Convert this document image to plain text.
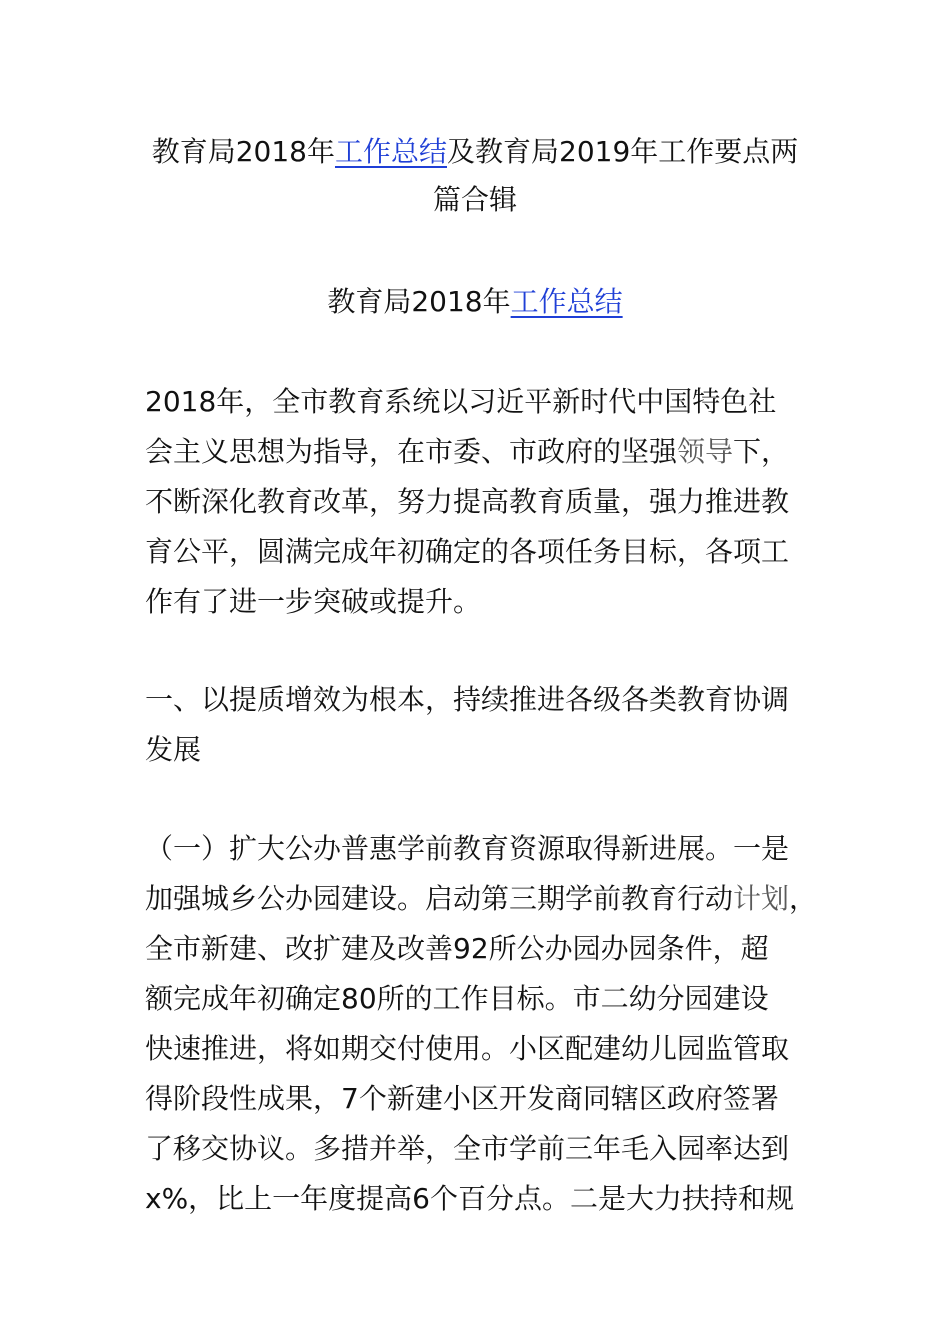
教育局2018年工作总结及教育局2019年工作要点两
篇合辑
教育局2018年工作总结
2018年，全市教育系统以习近平新时代中国特色社
会主义思想为指导，在市委、市政府的坚强领导下，
不断深化教育改革，努力提高教育质量，强力推进教
育公平，圆满完成年初确定的各项任务目标，各项工
作有了进一步突破或提升。
一、以提质增效为根本，持续推进各级各类教育协调
发展
（一）扩大公办普惠学前教育资源取得新进展。一是
加强城乡公办园建设。启动第三期学前教育行动计划，
全市新建、改扩建及改善92所公办园办园条件，超
额完成年初确定80所的工作目标。市二幼分园建设
快速推进，将如期交付使用。小区配建幼儿园监管取
得阶段性成果，7个新建小区开发商同辖区政府签署
了移交协议。多措并举，全市学前三年毛入园率达到
x%，比上一年度提高6个百分点。二是大力扶持和规
